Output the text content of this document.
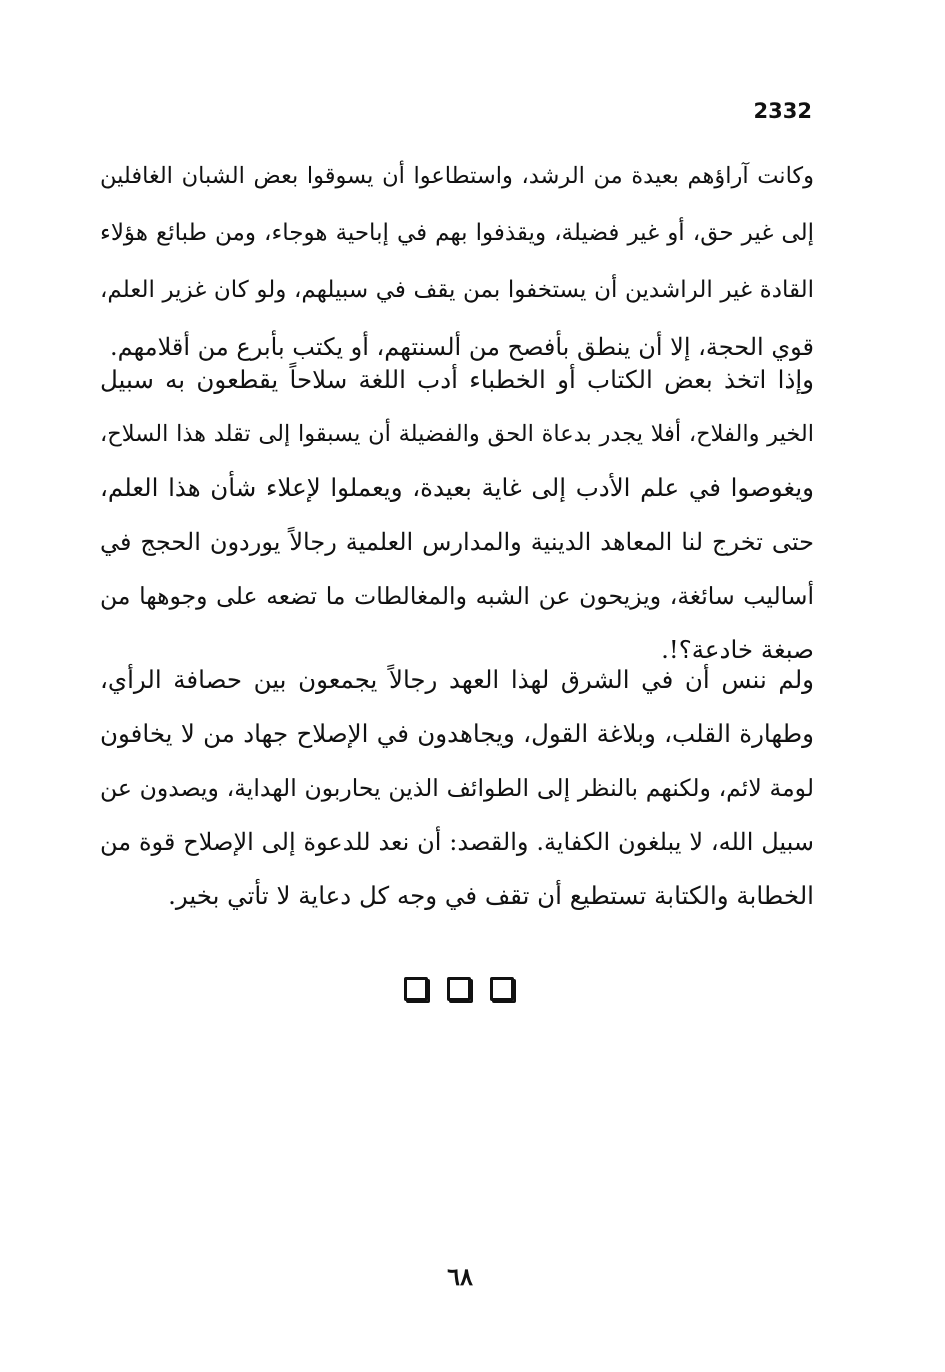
2332
وكانت آراؤهم بعيدة من الرشد، واستطاعوا أن يسوقوا بعض الشبان الغافلين
إلى غير حق، أو غير فضيلة، ويقذفوا بهم في إباحية هوجاء، ومن طبائع هؤلاء
القادة غير الراشدين أن يستخفوا بمن يقف في سبيلهم، ولو كان غزير العلم،
قوي الحجة، إلا أن ينطق بأفصح من ألسنتهم، أو يكتب بأبرع من أقلامهم.
وإذا اتخذ بعض الكتاب أو الخطباء أدب اللغة سلاحاً يقطعون به سبيل
الخير والفلاح، أفلا يجدر بدعاة الحق والفضيلة أن يسبقوا إلى تقلد هذا السلاح،
ويغوصوا في علم الأدب إلى غاية بعيدة، ويعملوا لإعلاء شأن هذا العلم،
حتى تخرج لنا المعاهد الدينية والمدارس العلمية رجالاً يوردون الحجج في
أساليب سائغة، ويزيحون عن الشبه والمغالطات ما تضعه على وجوهها من
صبغة خادعة؟!.
ولم ننس أن في الشرق لهذا العهد رجالاً يجمعون بين حصافة الرأي،
وطهارة القلب، وبلاغة القول، ويجاهدون في الإصلاح جهاد من لا يخافون
لومة لائم، ولكنهم بالنظر إلى الطوائف الذين يحاربون الهداية، ويصدون عن
سبيل الله، لا يبلغون الكفاية. والقصد: أن نعد للدعوة إلى الإصلاح قوة من
الخطابة والكتابة تستطيع أن تقف في وجه كل دعاية لا تأتي بخير.
٦٨
